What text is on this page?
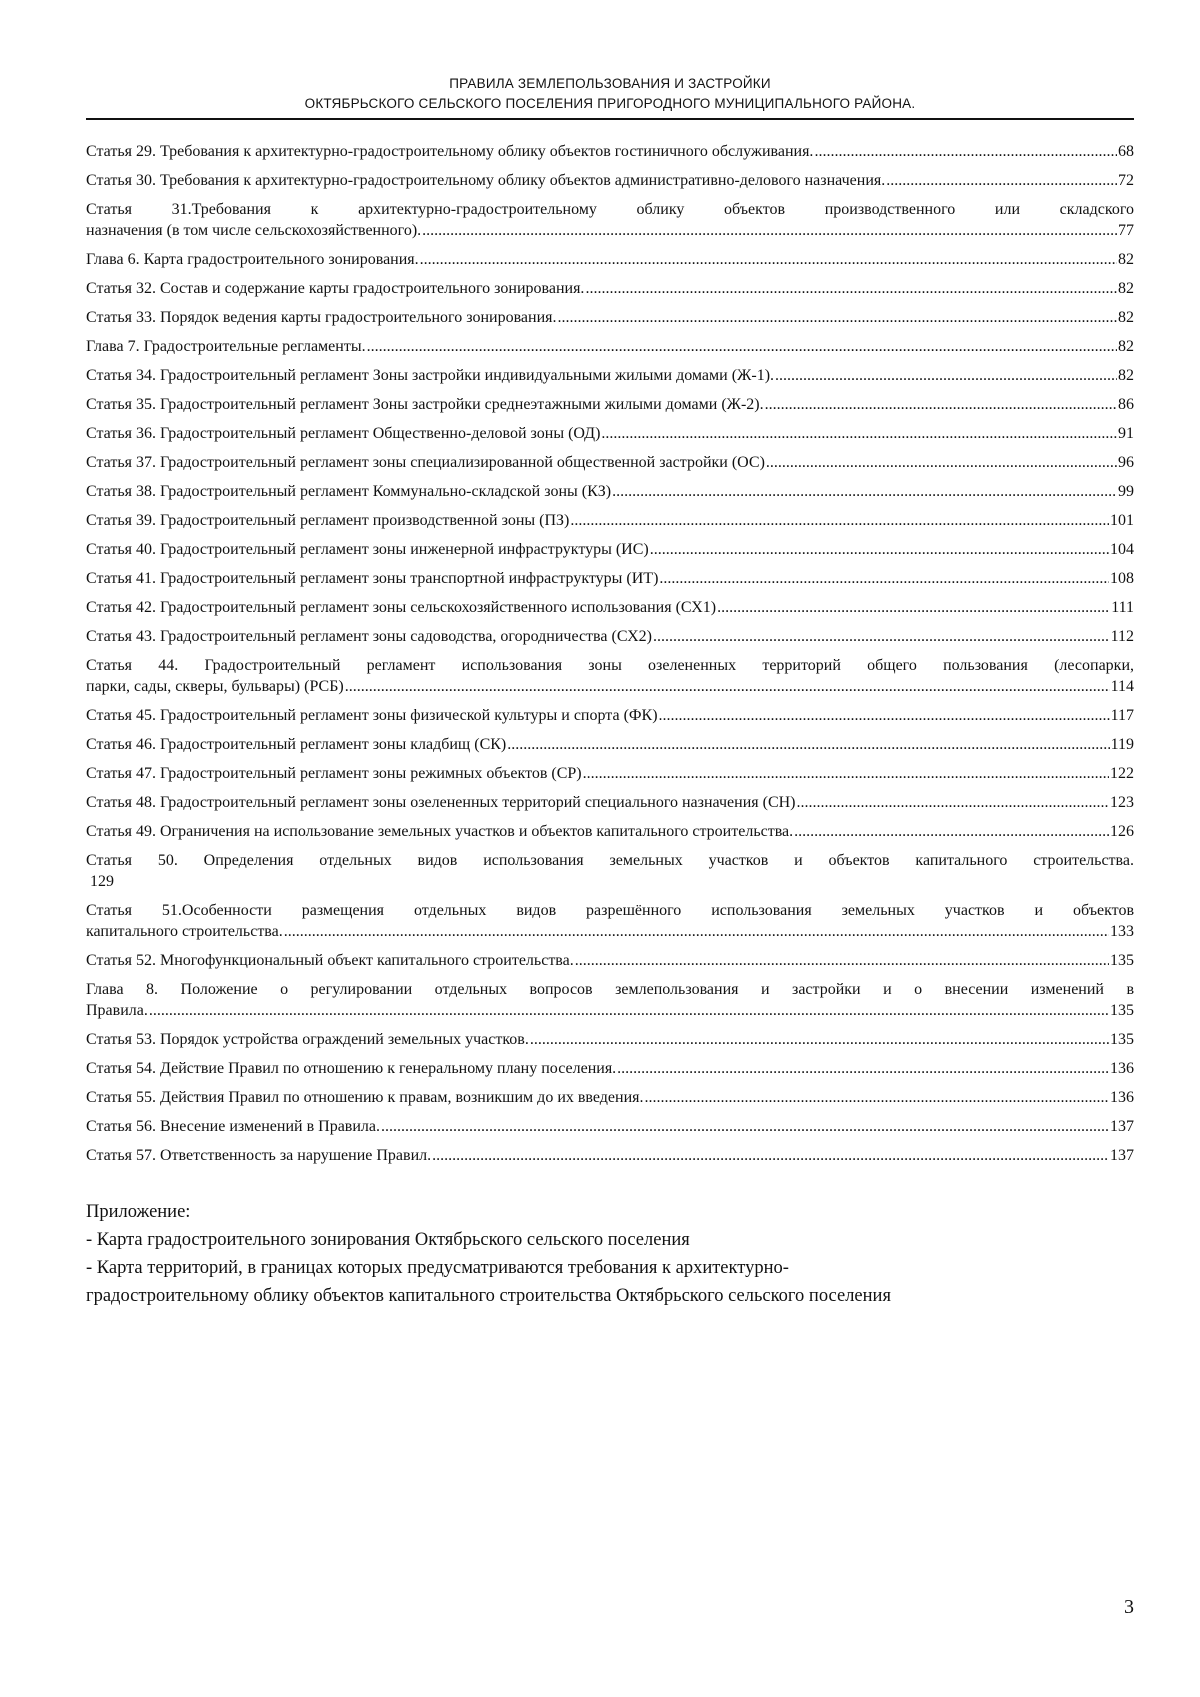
ПРАВИЛА ЗЕМЛЕПОЛЬЗОВАНИЯ И ЗАСТРОЙКИ
ОКТЯБРЬСКОГО СЕЛЬСКОГО ПОСЕЛЕНИЯ ПРИГОРОДНОГО МУНИЦИПАЛЬНОГО РАЙОНА.
Статья 29. Требования к архитектурно-градостроительному облику объектов гостиничного обслуживания. .....	68
Статья 30. Требования к архитектурно-градостроительному облику объектов административно-делового назначения. .....	72
Статья 31.Требования к архитектурно-градостроительному облику объектов производственного или складского
назначения (в том числе сельскохозяйственного). .....	77
Глава 6. Карта градостроительного зонирования. .....	82
Статья 32. Состав и содержание карты градостроительного зонирования. .....	82
Статья 33. Порядок ведения карты градостроительного зонирования. .....	82
Глава 7. Градостроительные регламенты. .....	82
Статья 34. Градостроительный регламент Зоны застройки индивидуальными жилыми домами (Ж-1). .....	82
Статья 35. Градостроительный регламент Зоны застройки среднеэтажными жилыми домами (Ж-2). .....	86
Статья 36. Градостроительный регламент Общественно-деловой зоны (ОД) .....	91
Статья 37. Градостроительный регламент зоны специализированной общественной застройки (ОС) .....	96
Статья 38. Градостроительный регламент Коммунально-складской зоны (КЗ) .....	99
Статья 39. Градостроительный регламент производственной зоны (ПЗ) .....	101
Статья 40. Градостроительный регламент зоны инженерной инфраструктуры (ИС) .....	104
Статья 41. Градостроительный регламент зоны транспортной инфраструктуры (ИТ) .....	108
Статья 42. Градостроительный регламент зоны сельскохозяйственного использования (СХ1) .....	111
Статья 43. Градостроительный регламент зоны садоводства, огородничества (СХ2) .....	112
Статья 44. Градостроительный регламент использования зоны озелененных территорий общего пользования (лесопарки,
парки, сады, скверы, бульвары) (РСБ) .....	114
Статья 45. Градостроительный регламент зоны физической культуры и спорта (ФК) .....	117
Статья 46. Градостроительный регламент зоны кладбищ (СК) .....	119
Статья 47. Градостроительный регламент зоны режимных объектов (СР) .....	122
Статья 48. Градостроительный регламент зоны озелененных территорий специального назначения (СН) .....	123
Статья 49. Ограничения на использование земельных участков и объектов капитального строительства. .....	126
Статья 50. Определения отдельных видов использования земельных участков и объектов капитального строительства.
129
Статья 51.Особенности размещения отдельных видов разрешённого использования земельных участков и объектов
капитального строительства. .....	133
Статья 52. Многофункциональный объект капитального строительства. .....	135
Глава 8. Положение о регулировании отдельных вопросов землепользования и застройки и о внесении изменений в
Правила. .....	135
Статья 53. Порядок устройства ограждений земельных участков. .....	135
Статья 54. Действие Правил по отношению к генеральному плану поселения. .....	136
Статья 55. Действия Правил по отношению к правам, возникшим до их введения. .....	136
Статья 56. Внесение изменений в Правила. .....	137
Статья 57. Ответственность за нарушение Правил. .....	137
Приложение:
- Карта градостроительного зонирования Октябрьского сельского поселения
- Карта территорий, в границах которых предусматриваются требования к архитектурно-
градостроительному облику объектов капитального строительства Октябрьского сельского поселения
3
